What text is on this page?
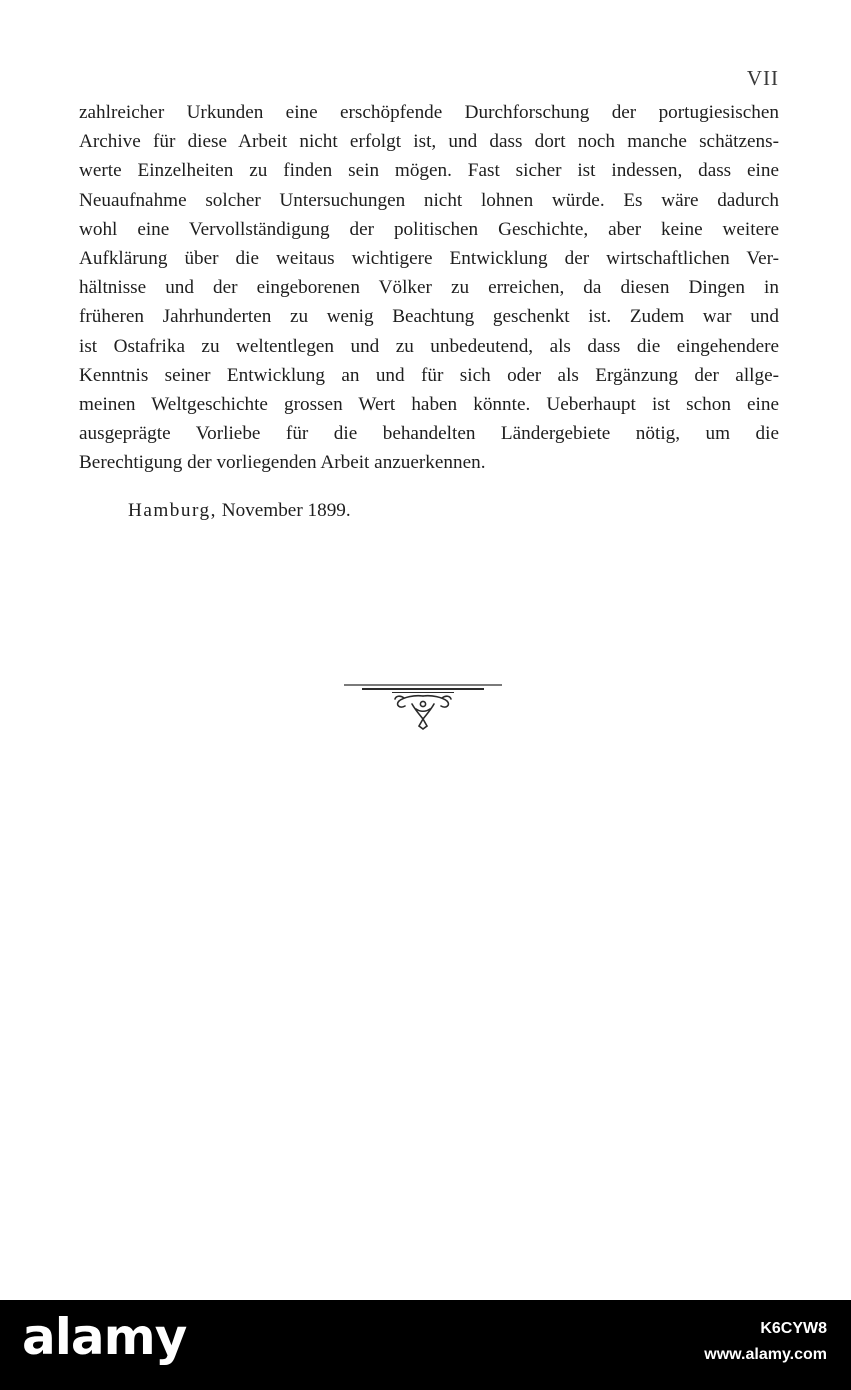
VII
zahlreicher Urkunden eine erschöpfende Durchforschung der portugiesischen
Archive für diese Arbeit nicht erfolgt ist, und dass dort noch manche schätzens-
werte Einzelheiten zu finden sein mögen. Fast sicher ist indessen, dass eine
Neuaufnahme solcher Untersuchungen nicht lohnen würde. Es wäre dadurch
wohl eine Vervollständigung der politischen Geschichte, aber keine weitere
Aufklärung über die weitaus wichtigere Entwicklung der wirtschaftlichen Ver-
hältnisse und der eingeborenen Völker zu erreichen, da diesen Dingen in
früheren Jahrhunderten zu wenig Beachtung geschenkt ist. Zudem war und
ist Ostafrika zu weltentlegen und zu unbedeutend, als dass die eingehendere
Kenntnis seiner Entwicklung an und für sich oder als Ergänzung der allge-
meinen Weltgeschichte grossen Wert haben könnte. Ueberhaupt ist schon eine
ausgeprägte Vorliebe für die behandelten Ländergebiete nötig, um die
Berechtigung der vorliegenden Arbeit anzuerkennen.
Hamburg, November 1899.
alamy	K6CYW8
www.alamy.com
